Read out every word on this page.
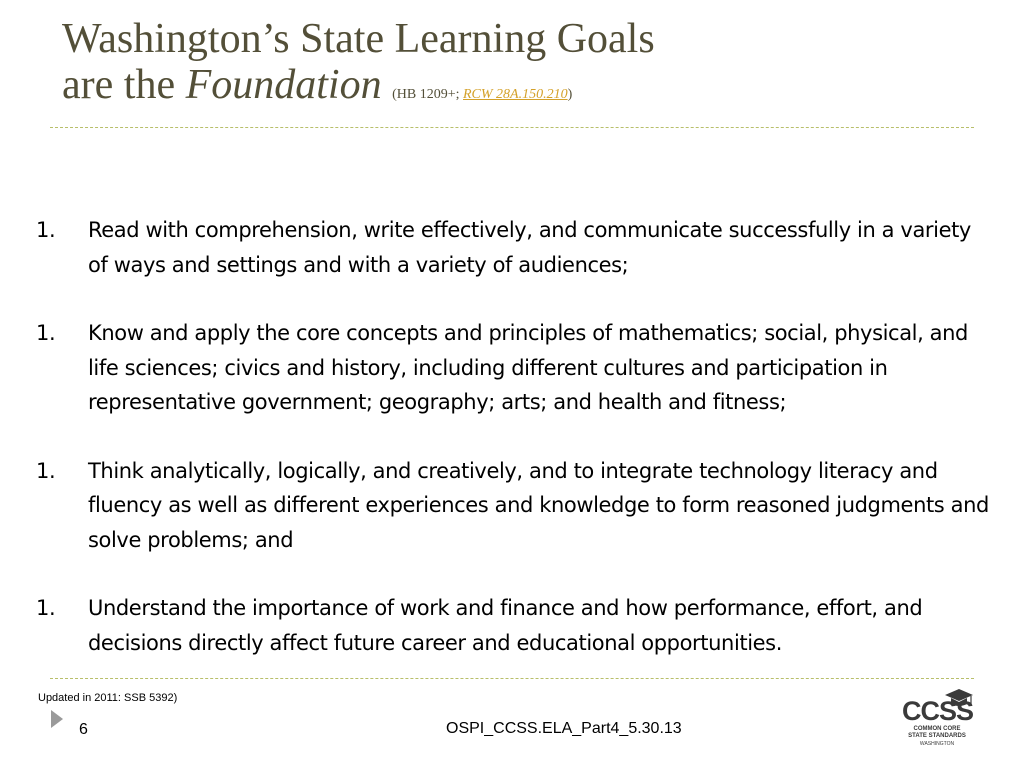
Washington’s State Learning Goals
are the Foundation (HB 1209+; RCW 28A.150.210)
1.	Read with comprehension, write effectively, and communicate successfully in a variety of ways and settings and with a variety of audiences;
1.	Know and apply the core concepts and principles of mathematics; social, physical, and life sciences; civics and history, including different cultures and participation in representative government; geography; arts; and health and fitness;
1.	Think analytically, logically, and creatively, and to integrate technology literacy and fluency as well as different experiences and knowledge to form reasoned judgments and solve problems; and
1.	Understand the importance of work and finance and how performance, effort, and decisions directly affect future career and educational opportunities.
Updated in 2011: SSB 5392)
6	OSPI_CCSS.ELA_Part4_5.30.13
CCSS
COMMON CORE
STATE STANDARDS
WASHINGTON
